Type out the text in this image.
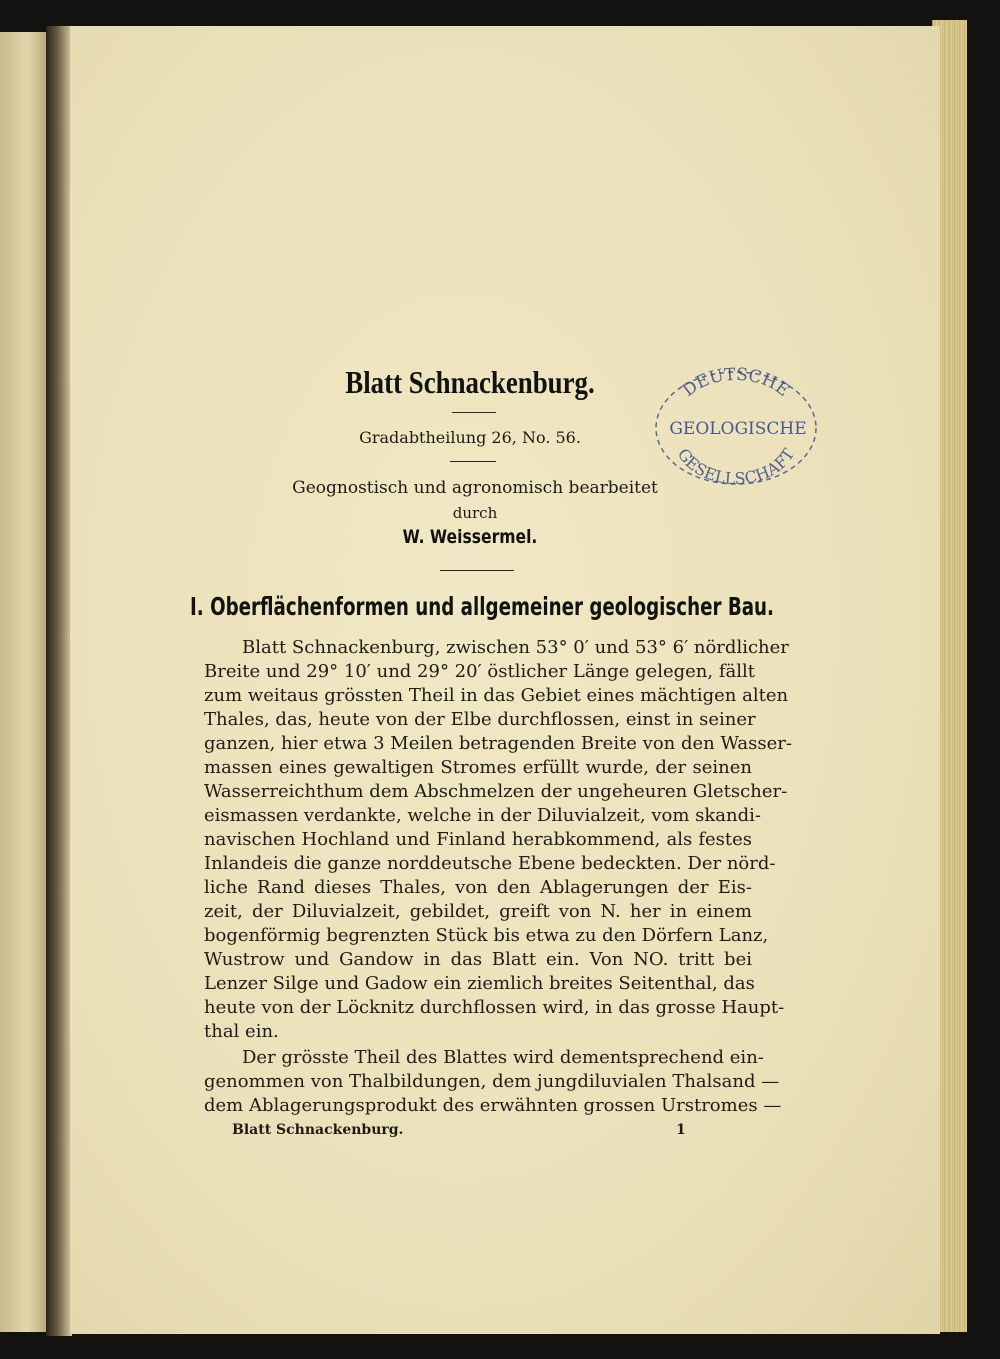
Blatt Schnackenburg.
Gradabtheilung 26, No. 56.
Geognostisch und agronomisch bearbeitet
durch
W. Weissermel.
I. Oberflächenformen und allgemeiner geologischer Bau.
Blatt Schnackenburg, zwischen 53° 0′ und 53° 6′ nördlicher
Breite und 29° 10′ und 29° 20′ östlicher Länge gelegen, fällt
zum weitaus grössten Theil in das Gebiet eines mächtigen alten
Thales, das, heute von der Elbe durchflossen, einst in seiner
ganzen, hier etwa 3 Meilen betragenden Breite von den Wasser-
massen eines gewaltigen Stromes erfüllt wurde, der seinen
Wasserreichthum dem Abschmelzen der ungeheuren Gletscher-
eismassen verdankte, welche in der Diluvialzeit, vom skandi-
navischen Hochland und Finland herabkommend, als festes
Inlandeis die ganze norddeutsche Ebene bedeckten. Der nörd-
liche Rand dieses Thales, von den Ablagerungen der Eis-
zeit, der Diluvialzeit, gebildet, greift von N. her in einem
bogenförmig begrenzten Stück bis etwa zu den Dörfern Lanz,
Wustrow und Gandow in das Blatt ein. Von NO. tritt bei
Lenzer Silge und Gadow ein ziemlich breites Seitenthal, das
heute von der Löcknitz durchflossen wird, in das grosse Haupt-
thal ein.
Der grösste Theil des Blattes wird dementsprechend ein-
genommen von Thalbildungen, dem jungdiluvialen Thalsand —
dem Ablagerungsprodukt des erwähnten grossen Urstromes —
Blatt Schnackenburg.	1
DEUTSCHE
GEOLOGISCHE
GESELLSCHAFT
